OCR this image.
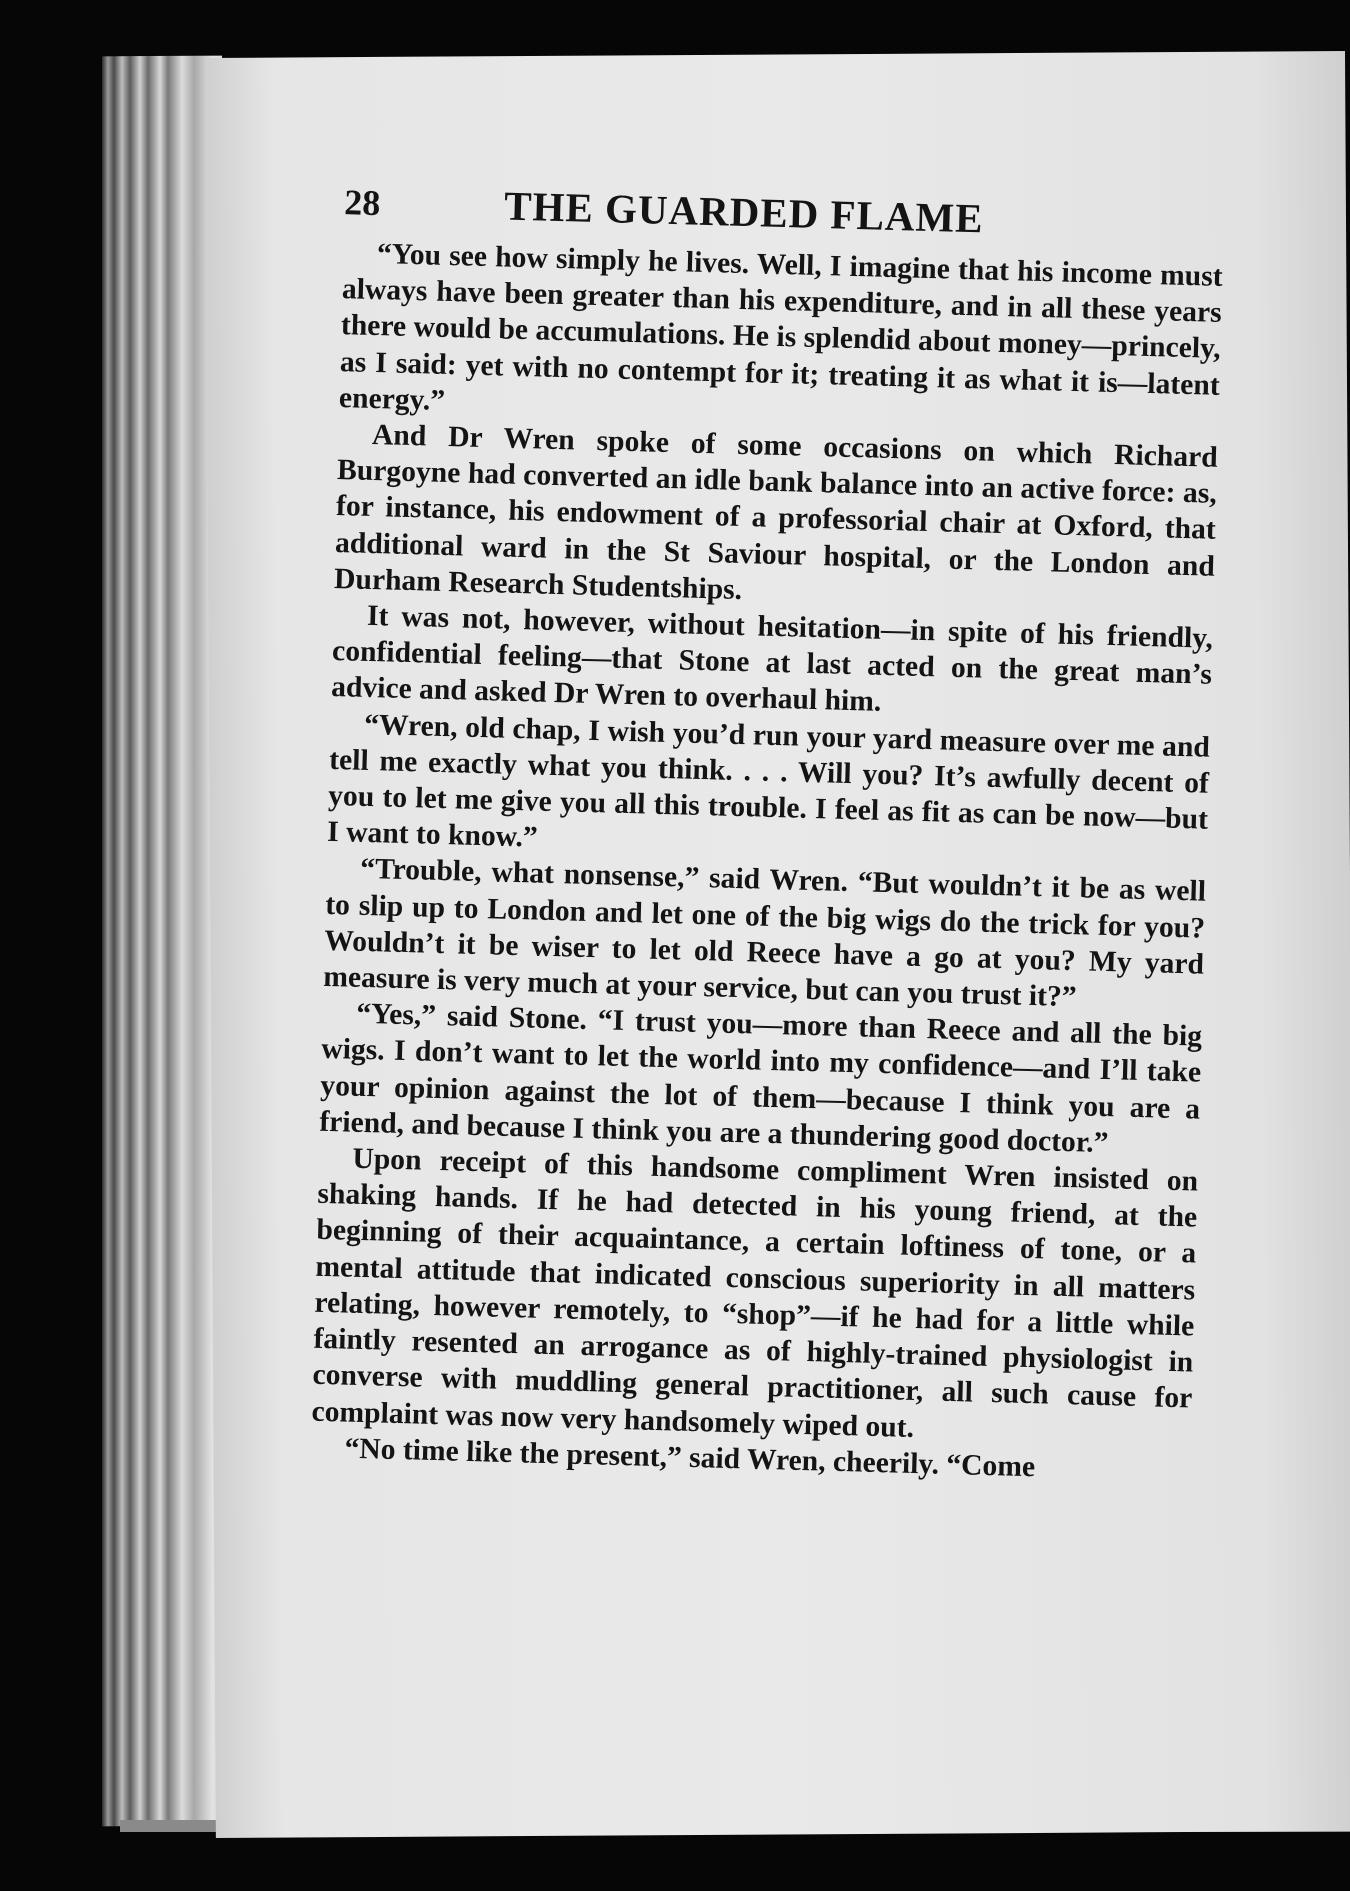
28	THE GUARDED FLAME

“You see how simply he lives. Well, I imagine that his income must always have been greater than his expenditure, and in all these years there would be accumulations. He is splendid about money—princely, as I said: yet with no contempt for it; treating it as what it is—latent energy.”

And Dr Wren spoke of some occasions on which Richard Burgoyne had converted an idle bank balance into an active force: as, for instance, his endowment of a professorial chair at Oxford, that additional ward in the St Saviour hospital, or the London and Durham Research Studentships.

It was not, however, without hesitation—in spite of his friendly, confidential feeling—that Stone at last acted on the great man’s advice and asked Dr Wren to overhaul him.

“Wren, old chap, I wish you’d run your yard measure over me and tell me exactly what you think. . . . Will you? It’s awfully decent of you to let me give you all this trouble. I feel as fit as can be now—but I want to know.”

“Trouble, what nonsense,” said Wren. “But wouldn’t it be as well to slip up to London and let one of the big wigs do the trick for you? Wouldn’t it be wiser to let old Reece have a go at you? My yard measure is very much at your service, but can you trust it?”

“Yes,” said Stone. “I trust you—more than Reece and all the big wigs. I don’t want to let the world into my confidence—and I’ll take your opinion against the lot of them—because I think you are a friend, and because I think you are a thundering good doctor.”

Upon receipt of this handsome compliment Wren insisted on shaking hands. If he had detected in his young friend, at the beginning of their acquaintance, a certain loftiness of tone, or a mental attitude that indicated conscious superiority in all matters relating, however remotely, to “shop”—if he had for a little while faintly resented an arrogance as of highly-trained physiologist in converse with muddling general practitioner, all such cause for complaint was now very handsomely wiped out.

“No time like the present,” said Wren, cheerily. “Come
